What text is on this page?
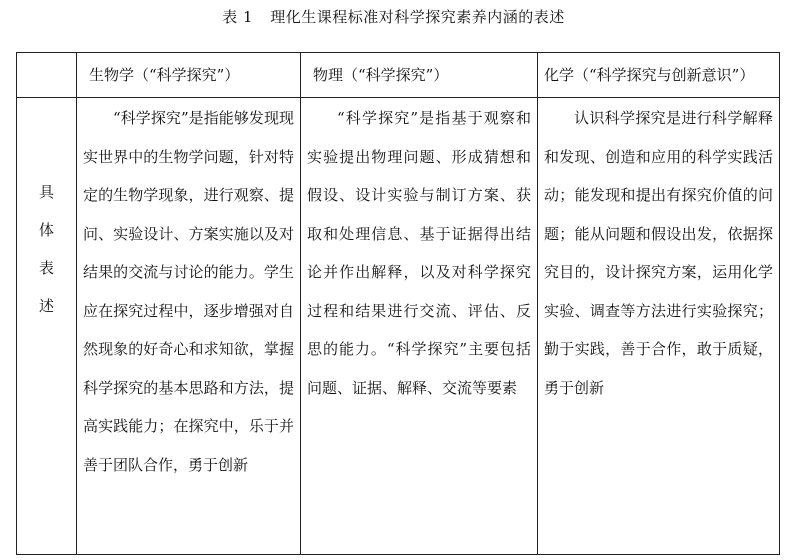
表 1 理化生课程标准对科学探究素养内涵的表述
生物学（“科学探究”）	物理（“科学探究”）	化学（“科学探究与创新意识”）
具
体
表
述
“科学探究”是指能够发现现实世界中的生物学问题，针对特定的生物学现象，进行观察、提问、实验设计、方案实施以及对结果的交流与讨论的能力。学生应在探究过程中，逐步增强对自然现象的好奇心和求知欲，掌握科学探究的基本思路和方法，提高实践能力；在探究中，乐于并善于团队合作，勇于创新
“科学探究”是指基于观察和实验提出物理问题、形成猜想和假设、设计实验与制订方案、获取和处理信息、基于证据得出结论并作出解释，以及对科学探究过程和结果进行交流、评估、反思的能力。“科学探究”主要包括问题、证据、解释、交流等要素
认识科学探究是进行科学解释和发现、创造和应用的科学实践活动；能发现和提出有探究价值的问题；能从问题和假设出发，依据探究目的，设计探究方案，运用化学实验、调查等方法进行实验探究；勤于实践，善于合作，敢于质疑，勇于创新
